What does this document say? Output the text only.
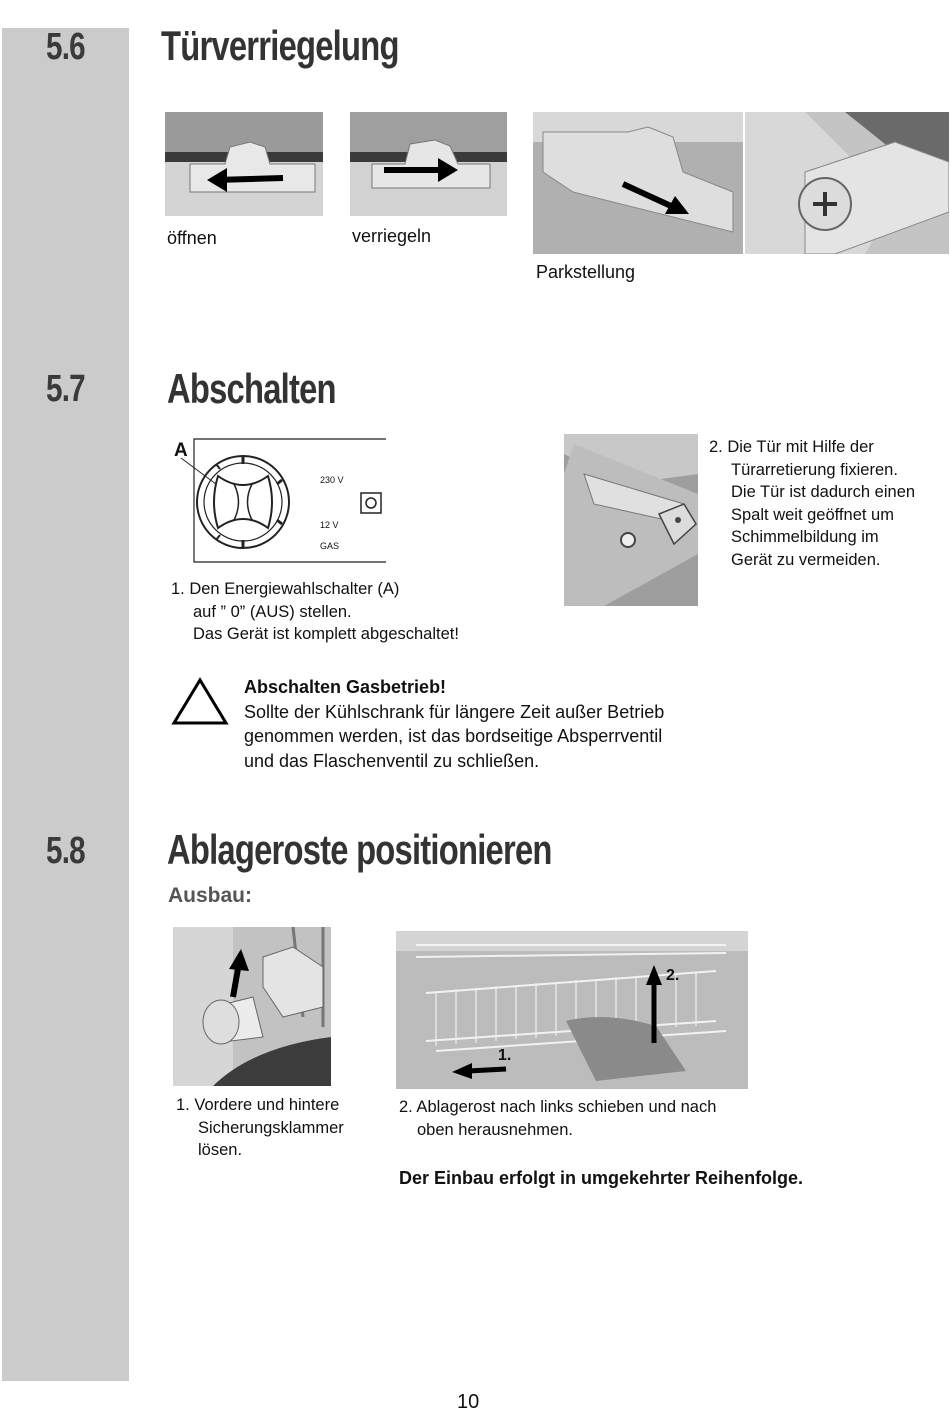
5.6 Türverriegelung
öffnen	verriegeln
Parkstellung
5.7 Abschalten
A
230 V
12 V
GAS
1. Den Energiewahlschalter (A)
auf ” 0” (AUS) stellen.
Das Gerät ist komplett abgeschaltet!
2. Die Tür mit Hilfe der
Türarretierung fixieren.
Die Tür ist dadurch einen
Spalt weit geöffnet um
Schimmelbildung im
Gerät zu vermeiden.
Abschalten Gasbetrieb!
Sollte der Kühlschrank für längere Zeit außer Betrieb
genommen werden, ist das bordseitige Absperrventil
und das Flaschenventil zu schließen.
5.8 Ablageroste positionieren
Ausbau:
1. Vordere und hintere
Sicherungsklammer
lösen.
2.
1.
2. Ablagerost nach links schieben und nach
oben herausnehmen.
Der Einbau erfolgt in umgekehrter Reihenfolge.
10
